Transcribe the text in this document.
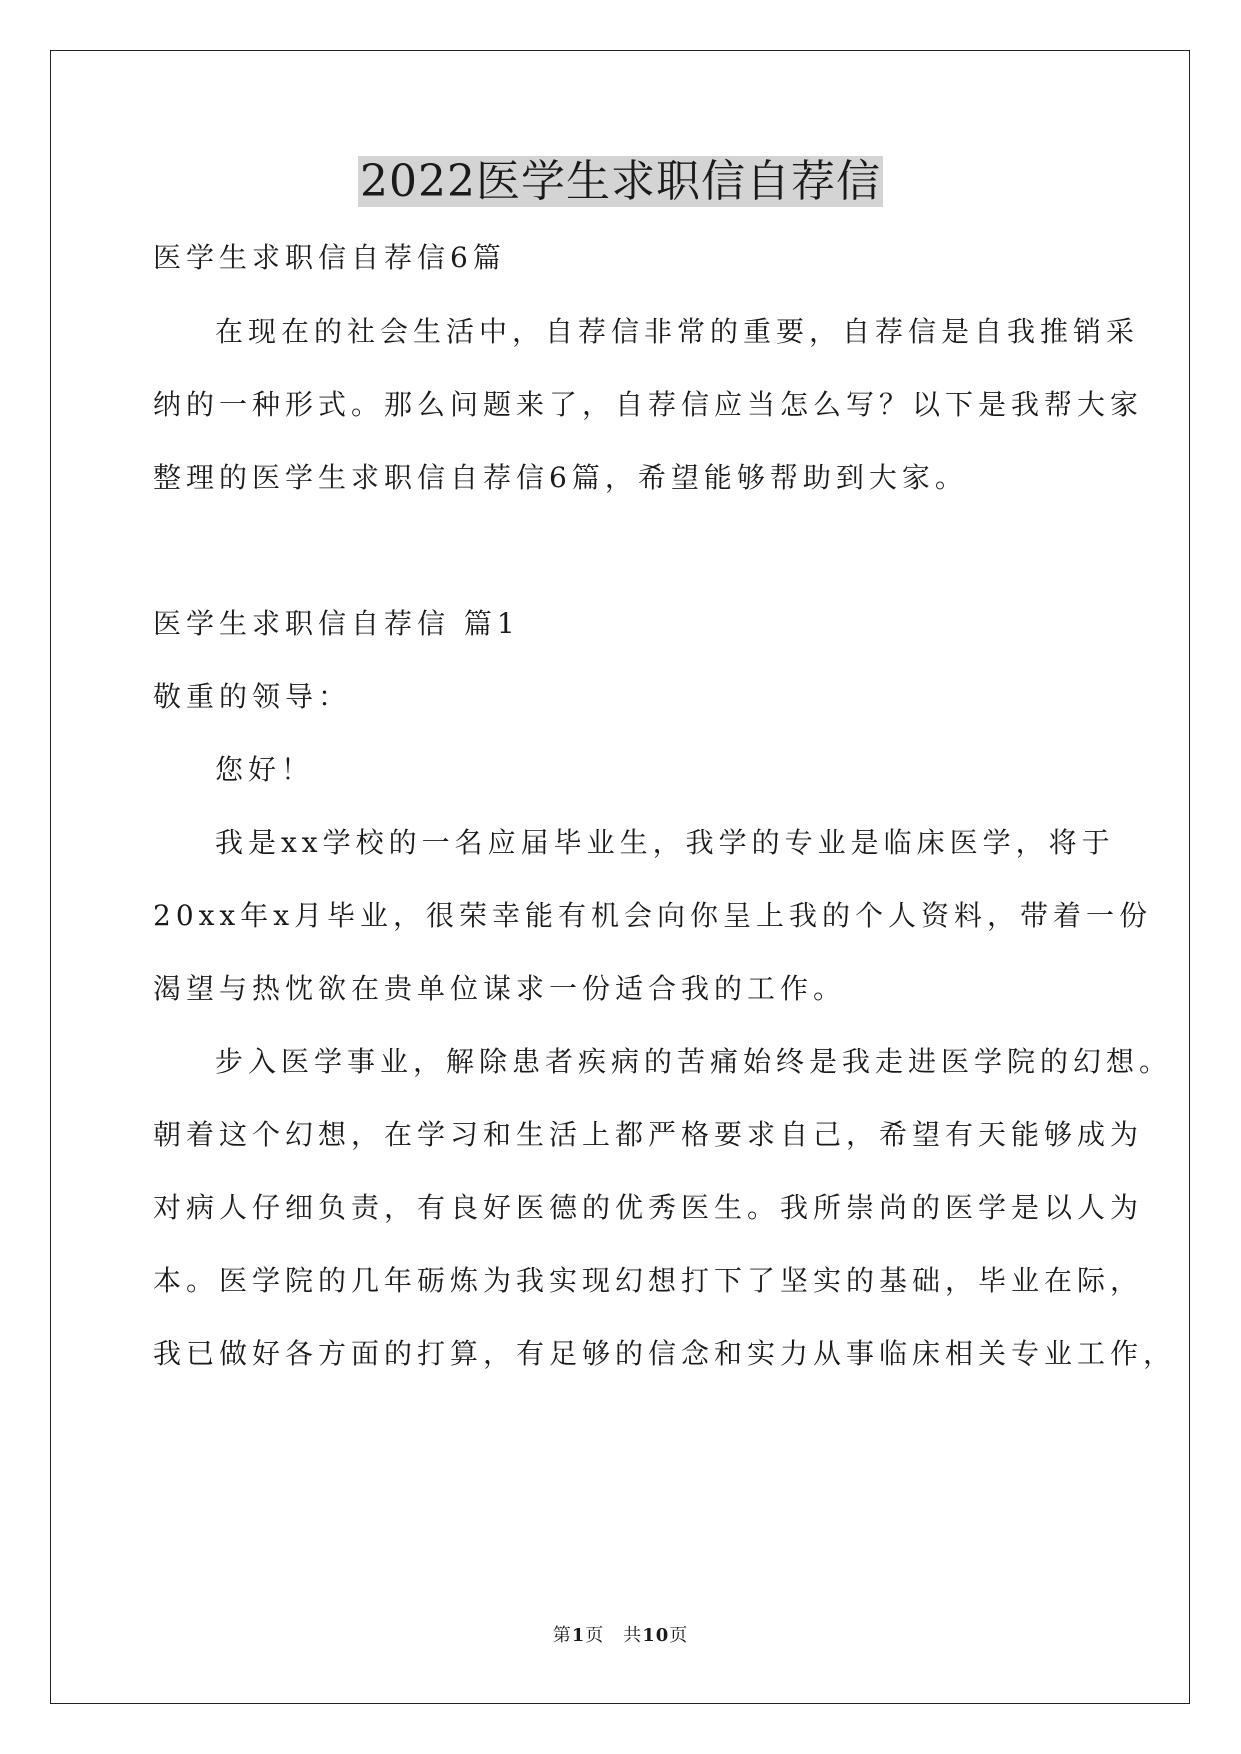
2022医学生求职信自荐信
医学生求职信自荐信6篇
在现在的社会生活中，自荐信非常的重要，自荐信是自我推销采
纳的一种形式。那么问题来了，自荐信应当怎么写？以下是我帮大家
整理的医学生求职信自荐信6篇，希望能够帮助到大家。
医学生求职信自荐信 篇1
敬重的领导：
您好！
我是xx学校的一名应届毕业生，我学的专业是临床医学，将于
20xx年x月毕业，很荣幸能有机会向你呈上我的个人资料，带着一份
渴望与热忱欲在贵单位谋求一份适合我的工作。
步入医学事业，解除患者疾病的苦痛始终是我走进医学院的幻想。
朝着这个幻想，在学习和生活上都严格要求自己，希望有天能够成为
对病人仔细负责，有良好医德的优秀医生。我所崇尚的医学是以人为
本。医学院的几年砺炼为我实现幻想打下了坚实的基础，毕业在际，
我已做好各方面的打算，有足够的信念和实力从事临床相关专业工作，
第1页　共10页
